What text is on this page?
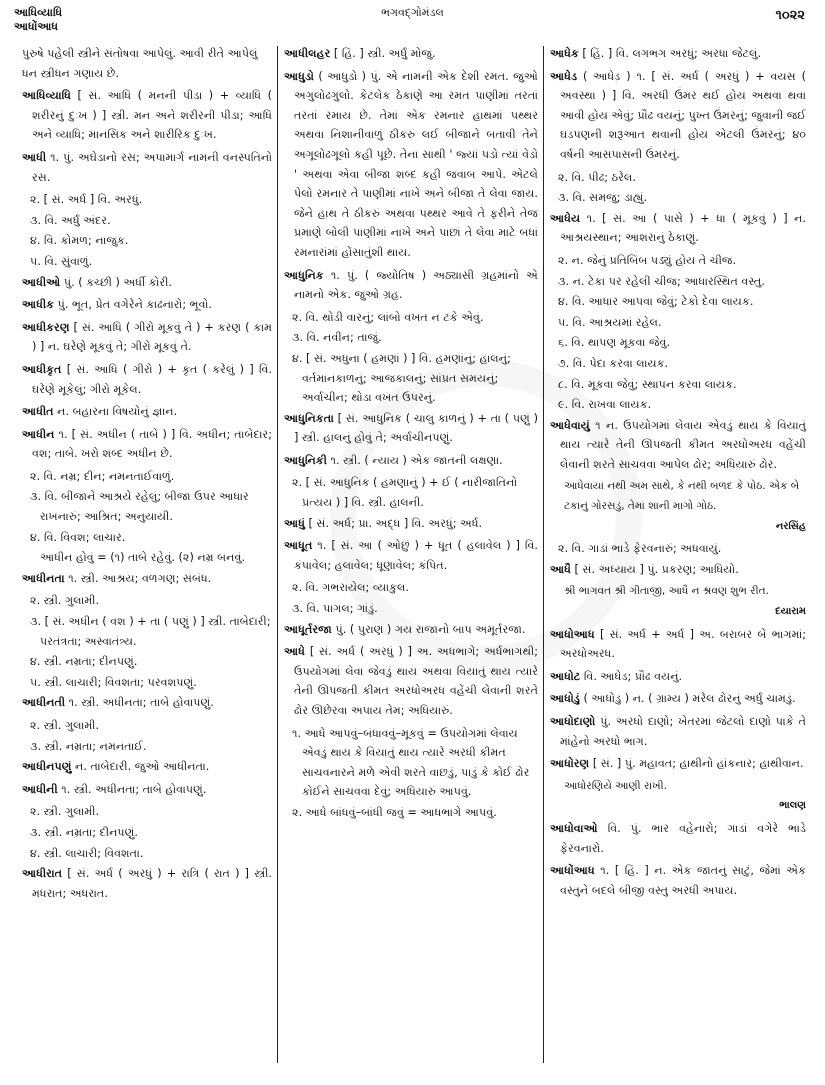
આધિવ્યાધિ
આધોંઆધ
ભગવદ્ગોમંડલ	૧૦૨૨
પુરુષે પહેલી સ્ત્રીને સંતોષવા આપેલું. આવી રીતે આપેલું ધન સ્ત્રીધન ગણાય છે.
આધિવ્યાધિ [ સં. આધિ ( મનની પીડા ) + વ્યાધિ ( શરીરનું દુઃખ ) ] સ્ત્રી. મન અને શરીરની પીડા; આધિ અને વ્યાધિ; માનસિક અને શારીરિક દુઃખ.
આધી ૧. પું. અઘેડાનો રસ; અપામાર્ગ નામની વનસ્પતિનો રસ.
૨. [ સં. અર્ધ ] વિ. અરધું.
૩. વિ. અર્ધું અંદર.
૪. વિ. કોમળ; નાજુક.
૫. વિ. સુંવાળું.
આધીઓ પું. ( કચ્છી ) અર્ધી કોરી.
આધીક પું. ભૂત, પ્રેત વગેરેને કાઢનારો; ભૂવો.
આધીકરણ [ સં. આધિ ( ગીરો મૂકવું તે ) + કરણ ( કામ ) ] ન. ઘરેણે મૂકવું તે; ગીરો મૂકવું તે.
આધીકૃત [ સં. આધિ ( ગીરો ) + કૃત ( કરેલું ) ] વિ. ઘરેણે મૂકેલું; ગીરો મૂકેલ.
આધીત ન. બહારના વિષયોનું જ્ઞાન.
આધીન ૧. [ સં. અધીન ( તાબે ) ] વિ. અધીન; તાબેદાર; વશ; તાબે. ખરો શબ્દ અધીન છે.
૨. વિ. નમ્ર; દીન; નમનતાઈવાળું.
૩. વિ. બીજાને આશ્રયે રહેલું; બીજા ઉપર આધાર રાખનારું; આશ્રિત; અનુયાયી.
૪. વિ. વિવશ; લાચાર.
આધીન હોવું = (૧) તાબે રહેવું. (૨) નમ્ર બનવું.
આધીનતા ૧. સ્ત્રી. આશ્રય; વળગણ; સંબંધ.
૨. સ્ત્રી. ગુલામી.
૩. [ સં. અધીન ( વશ ) + તા ( પણું ) ] સ્ત્રી. તાબેદારી; પરતંત્રતા; અસ્વાતંત્ર્ય.
૪. સ્ત્રી. નમ્રતા; દીનપણું.
૫. સ્ત્રી. લાચારી; વિવશતા; પરવશપણું.
આધીનતી ૧. સ્ત્રી. અધીનતા; તાબે હોવાપણું.
૨. સ્ત્રી. ગુલામી.
૩. સ્ત્રી. નમ્રતા; નમનતાઈ.
આધીનપણું ન. તાબેદારી. જુઓ આધીનતા.
આધીની ૧. સ્ત્રી. અધીનતા; તાબે હોવાપણું.
૨. સ્ત્રી. ગુલામી.
૩. સ્ત્રી. નમ્રતા; દીનપણું.
૪. સ્ત્રી. લાચારી; વિવશતા.
આધીરાત [ સં. અર્ધ ( અરધું ) + રાત્રિ ( રાત ) ] સ્ત્રી. મધરાત; અધરાત.
આધીલહર [ હિં. ] સ્ત્રી. અર્ધું મોજું.
આધુડો ( આધુડો ) પું. એ નામની એક દેશી રમત. જુઓ અગુલોઢગુલો. કેટલેક ઠેકાણે આ રમત પાણીમાં તરતાં તરતાં રમાય છે. તેમાં એક રમનાર હાથમાં પથ્થર અથવા નિશાનીવાળું ઠીકરું લઈ બીજાને બતાવી તેને અગૂલોઢગૂલો કહી પૂછે. તેના સાથી ' જ્યાં પડો ત્યાં વેડો ' અથવા એવા બીજા શબ્દ કહી જવાબ આપે. એટલે પેલો રમનાર તે પાણીમાં નાખે અને બીજા તે લેવા જાય. જેને હાથ તે ઠીકરું અથવા પથ્થર આવે તે ફરીને તેજ પ્રમાણે બોલી પાણીમાં નાખે અને પાછાં તે લેવા માટે બધાં રમનારાંમાં હોંસાતુંશી થાય.
આધુનિક ૧. પું. ( જ્યોતિષ ) અઠ્યાસી ગ્રહમાંનો એ નામનો એક. જુઓ ગ્રહ.
૨. વિ. થોડી વારનું; લાંબો વખત ન ટકે એવું.
૩. વિ. નવીન; તાજું.
૪. [ સં. અધુના ( હમણાં ) ] વિ. હમણાંનું; હાલનું; વર્તમાનકાળનું; આજકાલનું; સાંપ્રત સમયનું; અર્વાચીન; થોડા વખત ઉપરનું.
આધુનિકતા [ સં. આધુનિક ( ચાલુ કાળનું ) + તા ( પણું ) ] સ્ત્રી. હાલનું હોવું તે; અર્વાચીનપણું.
આધુનિકી ૧. સ્ત્રી. ( ન્યાય ) એક જાતની લક્ષણા.
૨. [ સં. આધુનિક ( હમણાનું ) + ઈ ( નારીજાતિનો પ્રત્યય ) ] વિ. સ્ત્રી. હાલની.
આધું [ સં. અર્ધ; પ્રા. અદ્ધ ] વિ. અરધું; અર્ધ.
આધૂત ૧. [ સં. આ ( ઓછું ) + ધૂત ( હલાવેલ ) ] વિ. કંપાવેલ; હલાવેલ; ધૂણાવેલ; કંપિત.
૨. વિ. ગભરાયેલ; વ્યાકુલ.
૩. વિ. પાગલ; ગાંડું.
આધૂર્તરજા પું. ( પુરાણ ) ગય રાજાનો બાપ અમૂર્તરજા.
આધે [ સં. અર્ધ ( અરધું ) ] અ. અધભાગે; અર્ધભાગથી; ઉપયોગમાં લેવા જેવડું થાય અથવા વિયાતું થાય ત્યારે તેની ઊપજતી કીમત અરધોઅરધ વહેંચી લેવાની શરતે ઢોર ઊછેરવા અપાય તેમ; અધિયારું.
૧. આધે આપવું–બંધાવવું–મૂકવું = ઉપયોગમાં લેવાય એવડું થાય કે વિયાતું થાય ત્યારે અરધી કીમત સાચવનારને મળે એવી શરતે વાછડું, પાડું કે કોઈ ઢોર કોઈને સાચવવા દેવું; અધિયારું આપવું.
૨. આધે બાંધવું–બાંધી જવું = આધભાગે આપવું.
આધેક [ હિં. ] વિ. લગભગ અરધું; અરધા જેટલું.
આધેડ ( આધેડ઼ ) ૧. [ સં. અર્ધ ( અરધું ) + વયસ ( અવસ્થા ) ] વિ. અરધી ઉંમર થઈ હોય અથવા થવા આવી હોય એવું; પ્રૌઢ વયનું; પુખ્ત ઉંમરનું; જુવાની જઈ ઘડપણની શરૂઆત થવાની હોય એટલી ઉંમરનું; ૪૦ વર્ષની આસપાસની ઉંમરનું.
૨. વિ. પીઢ; ઠરેલ.
૩. વિ. સમજુ; ડાહ્યું.
આધેય ૧. [ સં. આ ( પાસે ) + ધા ( મૂકવું ) ] ન. આશ્રયસ્થાન; આશરાનું ઠેકાણું.
૨. ન. જેનું પ્રતિબિંબ પડ્યું હોય તે ચીજ.
૩. ન. ટેકા પર રહેલી ચીજ; આધારસ્થિત વસ્તુ.
૪. વિ. આધાર આપવા જેવું; ટેકો દેવા લાયક.
૫. વિ. આશ્રયમાં રહેલ.
૬. વિ. થાપણ મૂકવા જેવું.
૭. વિ. પેદા કરવા લાયક.
૮. વિ. મૂકવા જેવું; સ્થાપન કરવા લાયક.
૯. વિ. રાખવા લાયક.
આધેવાયું ૧ ન. ઉપયોગમાં લેવાય એવડું થાય કે વિયાતું થાય ત્યારે તેની ઊપજતી કીમત અરધોઅરધ વહેંચી લેવાની શરતે સાચવવા આપેલ ઢોર; અધિયારું ઢોર.
આધેવાયાં નથી અમ સાથે, કે નથી બળદ કે પોઠ. એક બે ટકાનું ગોરસડું, તેમાં શાની માગો ગોઠ.
નરસિંહ
૨. વિ. ગાડાં ભાડે ફેરવનારું; અધવાયું.
આધૈ [ સં. અધ્યાય ] પું. પ્રકરણ; આધિયો.
શ્રી ભાગવત શ્રી ગીતાજી, આધૈ ન શ્રવણ શુભ રીત.
દયારામ
આધોઆધ [ સં. અર્ધ + અર્ધ ] અ. બરાબર બે ભાગમાં; અરધોઅરધ.
આધોટ વિ. આધેડ; પ્રૌઢ વયનું.
આધોડું ( આધોડુ ) ન. ( ગ્રામ્ય ) મરેલ ઢોરનું અર્ધું ચામડું.
આધોદાણો પું. અરધો દાણો; ખેતરમાં જેટલો દાણો પાકે તે માંહેનો અરધો ભાગ.
આધોરણ [ સં. ] પું. મહાવત; હાથીનો હાંકનાર; હાથીવાન.
આધોરણિયે આણી રાખી.
ભાલણ
આધોવાઓ વિ. પું. ભાર વહેનારો; ગાડાં વગેરે ભાડે ફેરવનારો.
આધોંઆધ ૧. [ હિં. ] ન. એક જાતનું સાટું, જેમાં એક વસ્તુને બદલે બીજી વસ્તુ અરધી અપાય.
